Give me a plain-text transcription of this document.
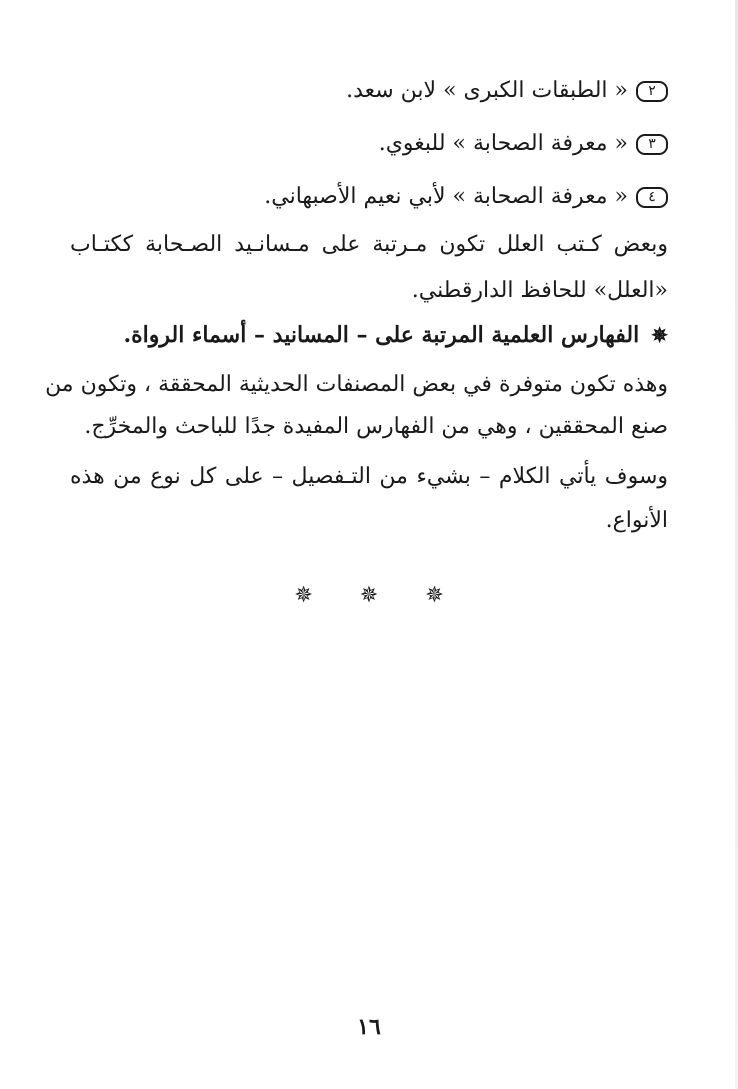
٢
« الطبقات الكبرى » لابن سعد.
٣
« معرفة الصحابة » للبغوي.
٤
« معرفة الصحابة » لأبي نعيم الأصبهاني.
وبعض كـتب العلل تكون مـرتبة على مـسانـيد الصـحابة ككتـاب
«العلل» للحافظ الدارقطني.
✵
الفهارس العلمية المرتبة على – المسانيد – أسماء الرواة.
وهذه تكون متوفرة في بعض المصنفات الحديثية المحققة ، وتكون من
صنع المحققين ، وهي من الفهارس المفيدة جدًا للباحث والمخرِّج.
وسوف يأتي الكلام – بشيء من التـفصيل – على كل نوع من هذه
الأنواع.
✵ ✵ ✵
١٦
